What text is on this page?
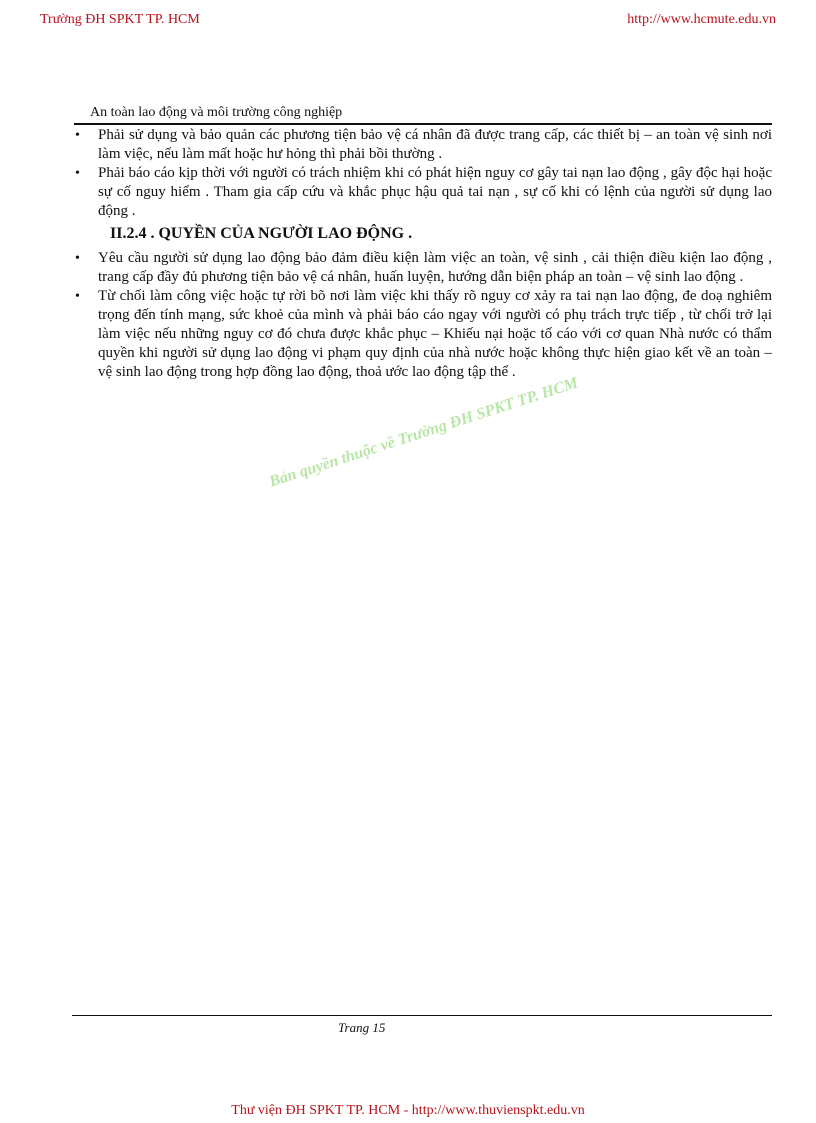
Trường ĐH SPKT TP. HCM	http://www.hcmute.edu.vn
An toàn lao động và môi trường công nghiệp
• Phải sử dụng và bảo quản các phương tiện bảo vệ cá nhân đã được trang cấp, các thiết bị – an toàn vệ sinh nơi làm việc, nếu làm mất hoặc hư hỏng thì phải bồi thường .
• Phải báo cáo kịp thời với người có trách nhiệm khi có phát hiện nguy cơ gây tai nạn lao động , gây độc hại hoặc sự cố nguy hiểm . Tham gia cấp cứu và khắc phục hậu quả tai nạn , sự cố khi có lệnh của người sử dụng lao động .
II.2.4 . QUYỀN CỦA NGƯỜI LAO ĐỘNG .
• Yêu cầu người sử dụng lao động bảo đảm điều kiện làm việc an toàn, vệ sinh , cải thiện điều kiện lao động , trang cấp đầy đủ phương tiện bảo vệ cá nhân, huấn luyện, hướng dẫn biện pháp an toàn – vệ sinh lao động .
• Từ chối làm công việc hoặc tự rời bõ nơi làm việc khi thấy rõ nguy cơ xảy ra tai nạn lao động, đe doạ nghiêm trọng đến tính mạng, sức khoẻ của mình và phải báo cáo ngay với người có phụ trách trực tiếp , từ chối trở lại làm việc nếu những nguy cơ đó chưa được khắc phục – Khiếu nại hoặc tố cáo với cơ quan Nhà nước có thẩm quyền khi người sử dụng lao động vi phạm quy định của nhà nước hoặc không thực hiện giao kết về an toàn –vệ sinh lao động trong hợp đồng lao động, thoả ước lao động tập thể .
Bản quyền thuộc về Trường ĐH SPKT TP. HCM
Trang 15
Thư viện ĐH SPKT TP. HCM - http://www.thuvienspkt.edu.vn
